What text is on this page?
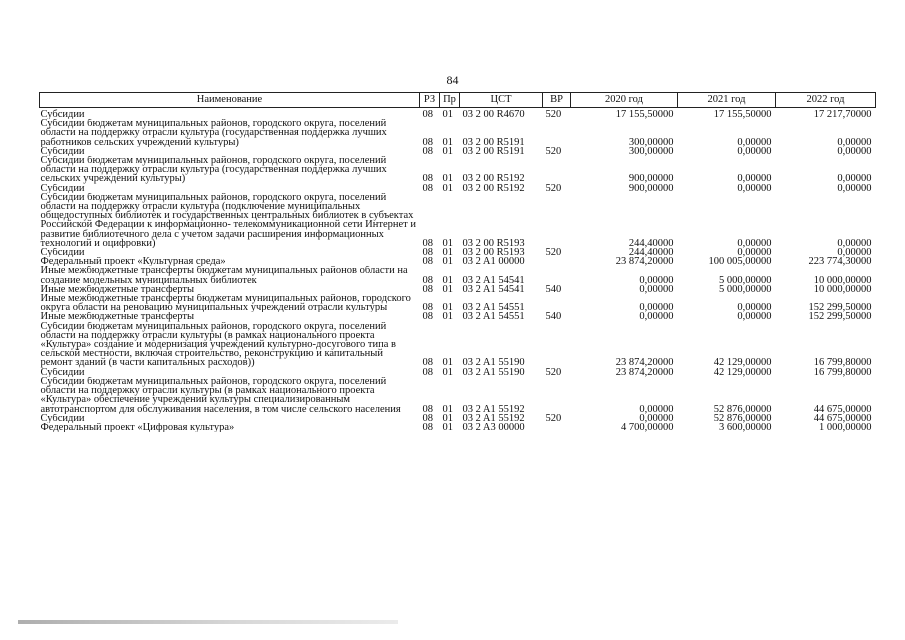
84
Наименование	РЗ	Пр	ЦСТ	ВР	2020 год	2021 год	2022 год
Субсидии	08	01	03 2 00 R4670	520	17 155,50000	17 155,50000	17 217,70000
Субсидии бюджетам муниципальных районов, городского округа, поселений области на поддержку отрасли культура (государственная поддержка лучших работников сельских учреждений культуры)	08	01	03 2 00 R5191		300,00000	0,00000	0,00000
Субсидии	08	01	03 2 00 R5191	520	300,00000	0,00000	0,00000
Субсидии бюджетам муниципальных районов, городского округа, поселений области на поддержку отрасли культура (государственная поддержка лучших сельских учреждений культуры)	08	01	03 2 00 R5192		900,00000	0,00000	0,00000
Субсидии	08	01	03 2 00 R5192	520	900,00000	0,00000	0,00000
Субсидии бюджетам муниципальных районов, городского округа, поселений области на поддержку отрасли культура (подключение муниципальных общедоступных библиотек и государственных центральных библиотек в субъектах Российской Федерации к информационно- телекоммуникационной сети Интернет и развитие библиотечного дела с учетом задачи расширения информационных технологий и оцифровки)	08	01	03 2 00 R5193		244,40000	0,00000	0,00000
Субсидии	08	01	03 2 00 R5193	520	244,40000	0,00000	0,00000
Федеральный проект «Культурная среда»	08	01	03 2 A1 00000		23 874,20000	100 005,00000	223 774,30000
Иные межбюджетные трансферты бюджетам муниципальных районов области на создание модельных муниципальных библиотек	08	01	03 2 A1 54541		0,00000	5 000,00000	10 000,00000
Иные межбюджетные трансферты	08	01	03 2 A1 54541	540	0,00000	5 000,00000	10 000,00000
Иные межбюджетные трансферты бюджетам муниципальных районов, городского округа области на реновацию муниципальных учреждений отрасли культуры	08	01	03 2 A1 54551		0,00000	0,00000	152 299,50000
Иные межбюджетные трансферты	08	01	03 2 A1 54551	540	0,00000	0,00000	152 299,50000
Субсидии бюджетам муниципальных районов, городского округа, поселений области на поддержку отрасли культуры (в рамках национального проекта «Культура» создание и модернизация учреждений культурно-досугового типа в сельской местности, включая строительство, реконструкцию и капитальный ремонт зданий (в части капитальных расходов))	08	01	03 2 A1 55190		23 874,20000	42 129,00000	16 799,80000
Субсидии	08	01	03 2 A1 55190	520	23 874,20000	42 129,00000	16 799,80000
Субсидии бюджетам муниципальных районов, городского округа, поселений области на поддержку отрасли культуры (в рамках национального проекта «Культура» обеспечение учреждений культуры специализированным автотранспортом для обслуживания населения, в том числе сельского населения	08	01	03 2 A1 55192		0,00000	52 876,00000	44 675,00000
Субсидии	08	01	03 2 A1 55192	520	0,00000	52 876,00000	44 675,00000
Федеральный проект «Цифровая культура»	08	01	03 2 A3 00000		4 700,00000	3 600,00000	1 000,00000
